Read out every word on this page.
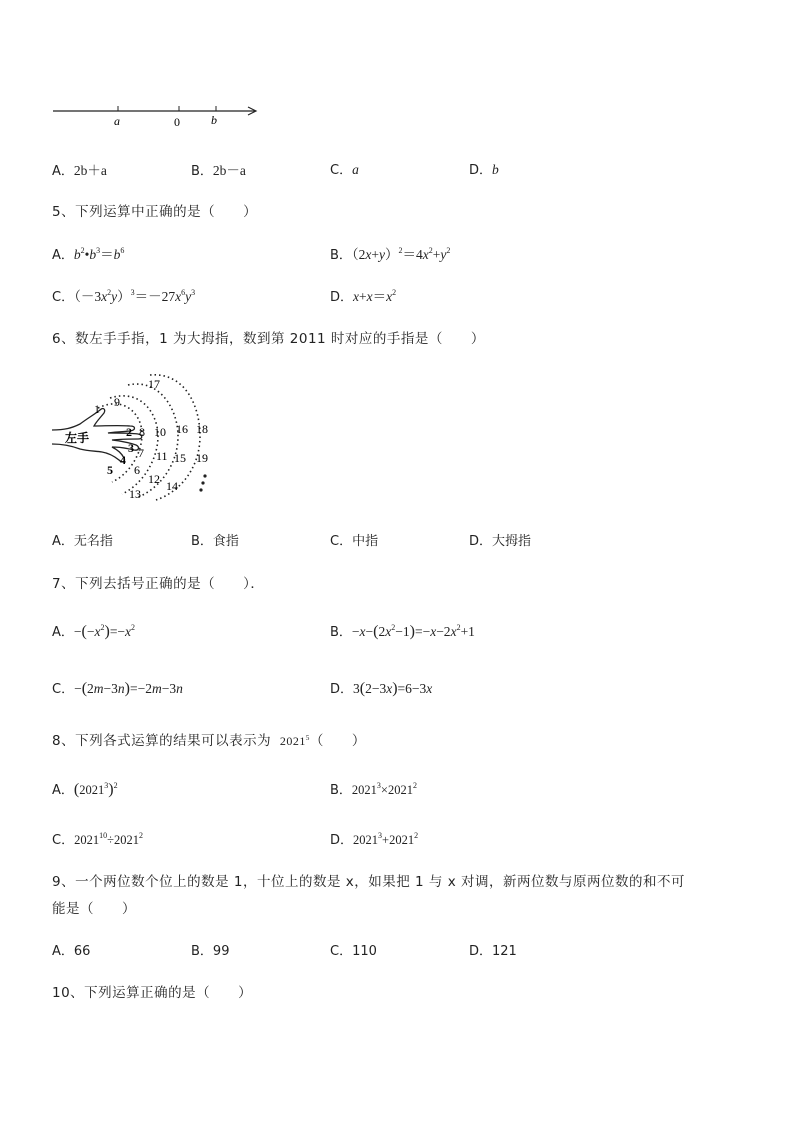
a	0	b
A．2b＋a	B．2b－a	C．a	D．b
5、下列运算中正确的是（　　）
A．$b^2•b^3=b^6$	B．$(2x+y)^2=4x^2+y^2$
C．$(-3x^2y)^3=-27x^6y^3$	D．$x+x=x^2$
6、数左手手指，1 为大拇指，数到第 2011 时对应的手指是（　　）
1
2
3
4
5 6
7
8
9
10
11
12
13
14
15
16
17
18
19
左手
A．无名指	B．食指	C．中指	D．大拇指
7、下列去括号正确的是（　　）．
A．$-(-x^2)=-x^2$	B．$-x-(2x^2-1)=-x-2x^2+1$
C．−(2m−3n)=−2m−3n	D．3(2−3x)=6−3x
8、下列各式运算的结果可以表示为 2021$^5$（　　）
A．$(2021^3)^2$	B．$2021^3\times 2021^2$
C．$2021^{10}\div 2021^2$	D．$2021^3+2021^2$
9、一个两位数个位上的数是 1，十位上的数是 x，如果把 1 与 x 对调，新两位数与原两位数的和不可
能是（　　）
A．66	B．99	C．110	D．121
10、下列运算正确的是（　　）
